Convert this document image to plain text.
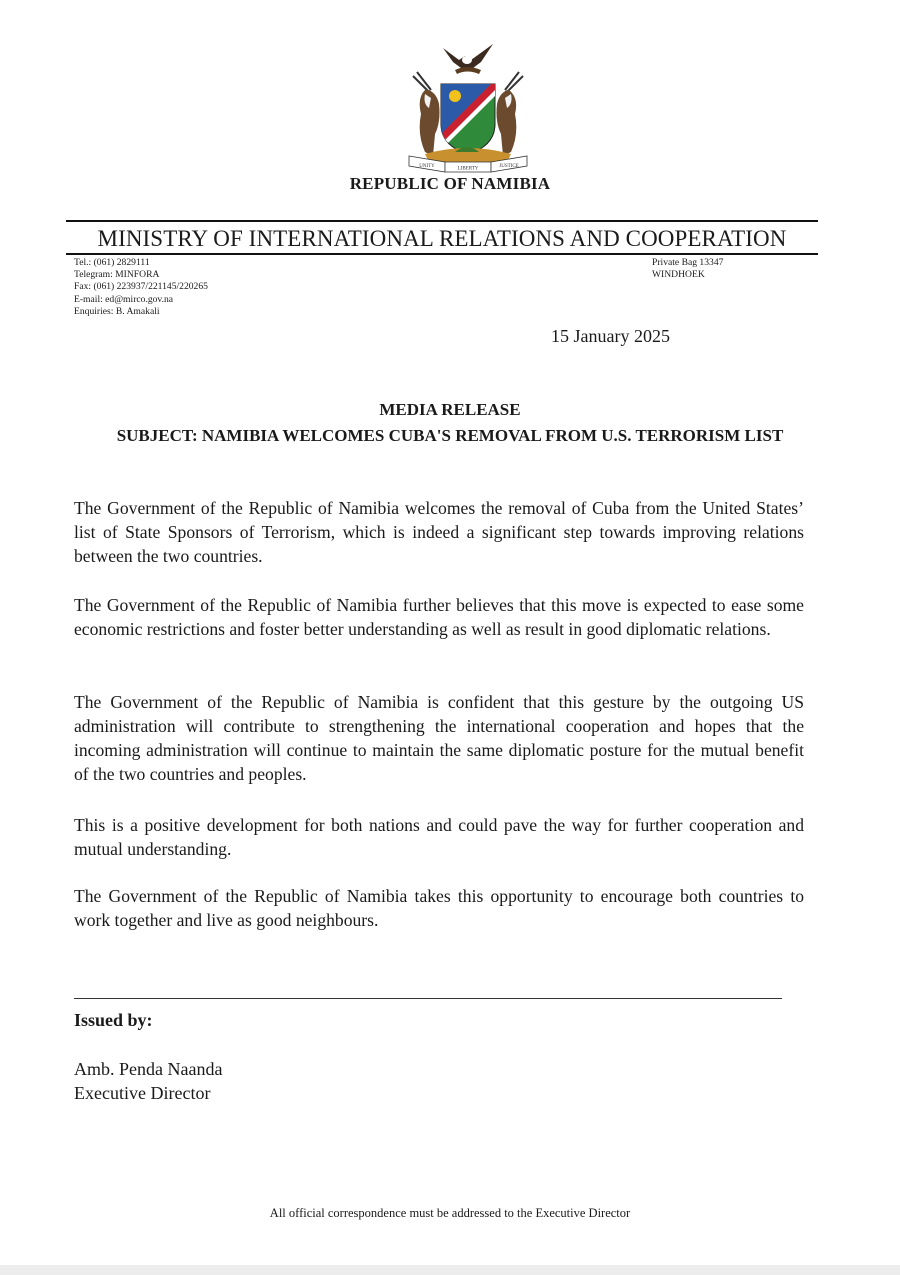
UNITY	LIBERTY	JUSTICE
REPUBLIC OF NAMIBIA
MINISTRY OF INTERNATIONAL RELATIONS AND COOPERATION
Tel.: (061) 2829111
Telegram: MINFORA
Fax: (061) 223937/221145/220265
E-mail: ed@mirco.gov.na
Enquiries: B. Amakali
Private Bag 13347
WINDHOEK
15 January 2025
MEDIA RELEASE
SUBJECT: NAMIBIA WELCOMES CUBA'S REMOVAL FROM U.S. TERRORISM LIST

The Government of the Republic of Namibia welcomes the removal of Cuba from the United States’ list of State Sponsors of Terrorism, which is indeed a significant step towards improving relations between the two countries.

The Government of the Republic of Namibia further believes that this move is expected to ease some economic restrictions and foster better understanding as well as result in good diplomatic relations.

The Government of the Republic of Namibia is confident that this gesture by the outgoing US administration will contribute to strengthening the international cooperation and hopes that the incoming administration will continue to maintain the same diplomatic posture for the mutual benefit of the two countries and peoples.

This is a positive development for both nations and could pave the way for further cooperation and mutual understanding.

The Government of the Republic of Namibia takes this opportunity to encourage both countries to work together and live as good neighbours.

Issued by:
Amb. Penda Naanda
Executive Director
All official correspondence must be addressed to the Executive Director
